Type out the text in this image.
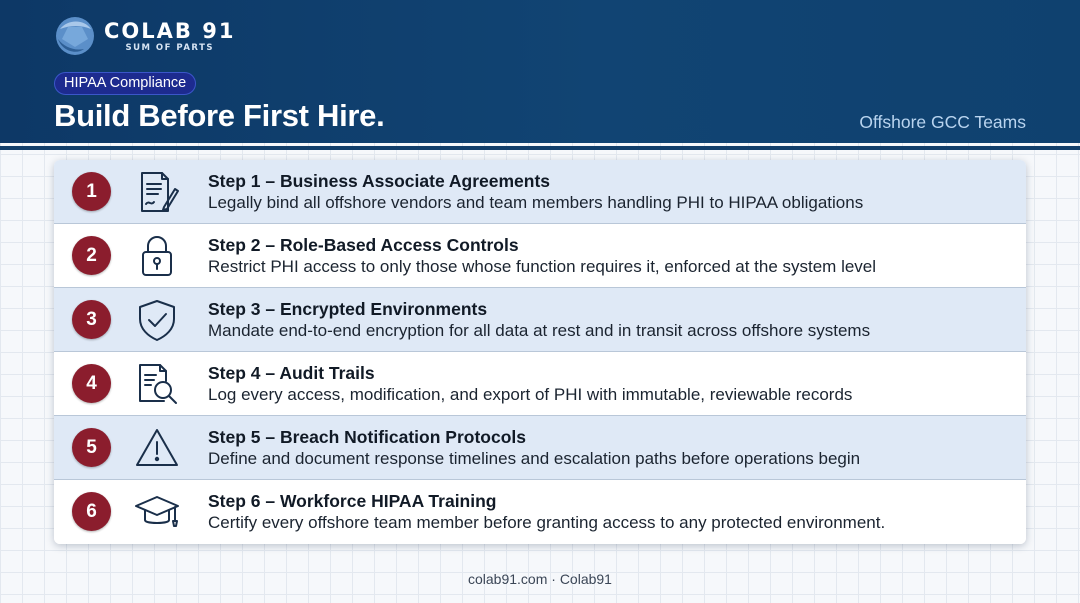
COLAB 91
SUM OF PARTS
HIPAA Compliance
Build Before First Hire.	Offshore GCC Teams
1	Step 1 – Business Associate Agreements
Legally bind all offshore vendors and team members handling PHI to HIPAA obligations
2	Step 2 – Role-Based Access Controls
Restrict PHI access to only those whose function requires it, enforced at the system level
3	Step 3 – Encrypted Environments
Mandate end-to-end encryption for all data at rest and in transit across offshore systems
4	Step 4 – Audit Trails
Log every access, modification, and export of PHI with immutable, reviewable records
5	Step 5 – Breach Notification Protocols
Define and document response timelines and escalation paths before operations begin
6	Step 6 – Workforce HIPAA Training
Certify every offshore team member before granting access to any protected environment.
colab91.com · Colab91
